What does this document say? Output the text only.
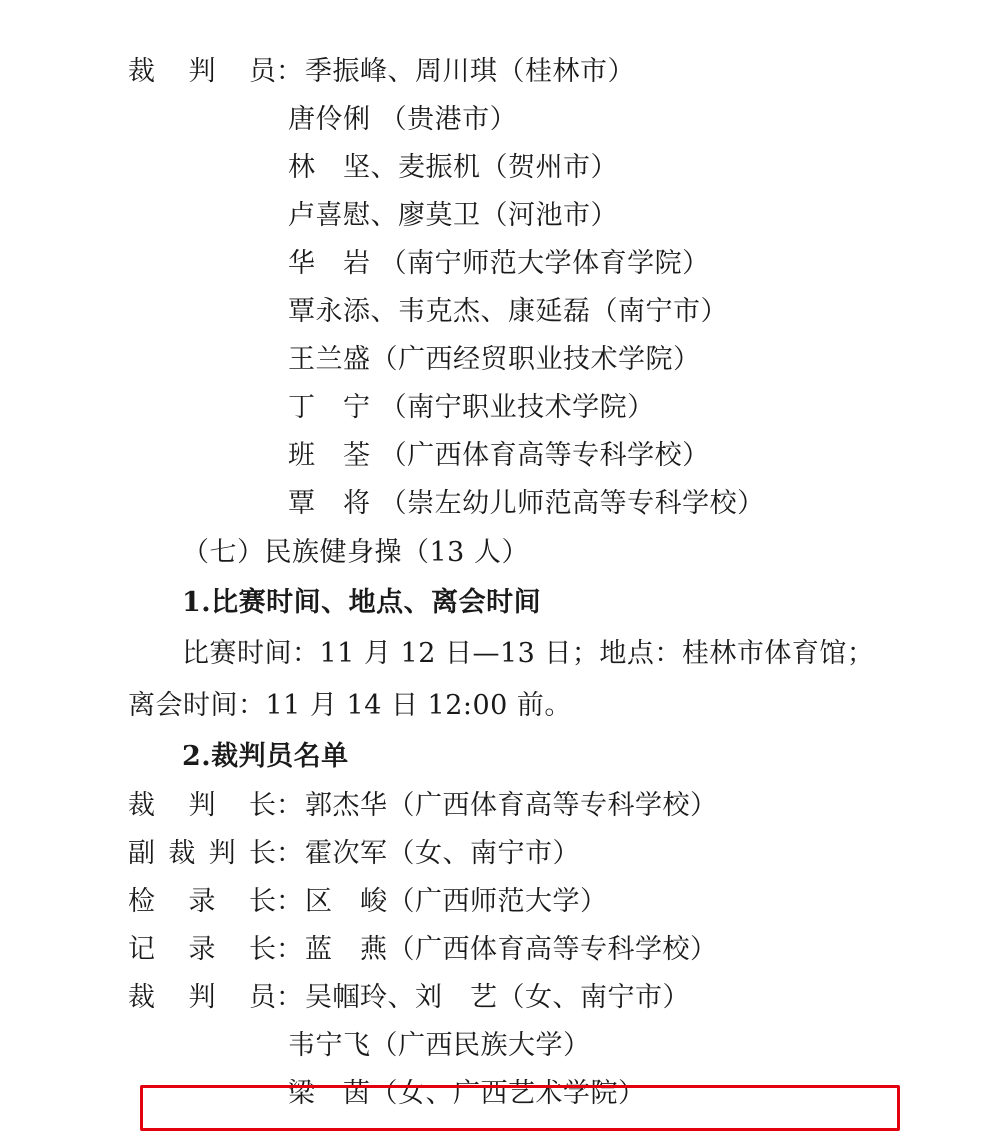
裁判员 ： 季振峰、周川琪（桂林市）
唐伶俐 （贵港市）
林　坚、麦振机（贺州市）
卢喜慰、廖莫卫（河池市）
华　岩 （南宁师范大学体育学院）
覃永添、韦克杰、康延磊（南宁市）
王兰盛（广西经贸职业技术学院）
丁　宁 （南宁职业技术学院）
班　荃 （广西体育高等专科学校）
覃　将 （崇左幼儿师范高等专科学校）
（七）民族健身操（13 人）
1.比赛时间、地点、离会时间
比赛时间：11 月 12 日—13 日；地点：桂林市体育馆；离会时间：11 月 14 日 12:00 前。
2.裁判员名单
裁判长 ： 郭杰华（广西体育高等专科学校）
副裁判长 ： 霍次军（女、南宁市）
检录长 ： 区　峻（广西师范大学）
记录长 ： 蓝　燕（广西体育高等专科学校）
裁判员 ： 吴帼玲、刘　艺（女、南宁市）
韦宁飞（广西民族大学）
梁　茵（女、广西艺术学院）
